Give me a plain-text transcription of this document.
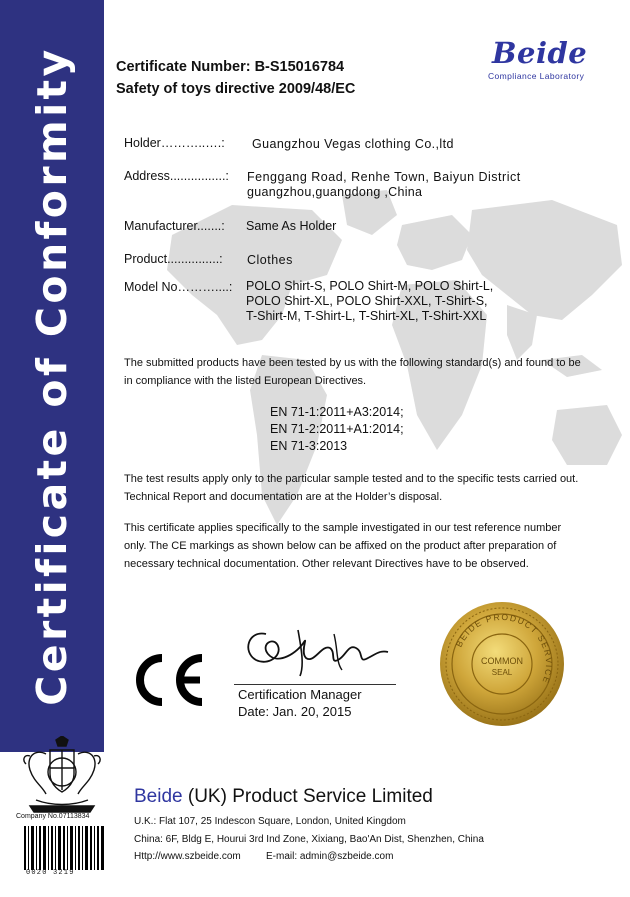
Certificate of Conformity	Certificate Number: B-S15016784
Safety of toys directive 2009/48/EC
Beide
Compliance Laboratory
Holder………..….: Guangzhou Vegas clothing Co.,ltd
Address................: Fenggang Road, Renhe Town, Baiyun District
guangzhou,guangdong ,China
Manufacturer.......: Same As Holder
Product...............: Clothes
Model No………....: POLO Shirt-S, POLO Shirt-M, POLO Shirt-L,
POLO Shirt-XL, POLO Shirt-XXL, T-Shirt-S,
T-Shirt-M, T-Shirt-L, T-Shirt-XL, T-Shirt-XXL
The submitted products have been tested by us with the following standard(s) and found to be
in compliance with the listed European Directives.
EN 71-1:2011+A3:2014;
EN 71-2:2011+A1:2014;
EN 71-3:2013
The test results apply only to the particular sample tested and to the specific tests carried out.
Technical Report and documentation are at the Holder’s disposal.
This certificate applies specifically to the sample investigated in our test reference number
only. The CE markings as shown below can be affixed on the product after preparation of
necessary technical documentation. Other relevant Directives have to be observed.
Certification Manager
Date: Jan. 20, 2015
BEIDE PRODUCT SERVICE
COMMON
SEAL
Company No.07113834
0020 3219
Beide (UK) Product Service Limited
U.K.: Flat 107, 25 Indescon Square, London, United Kingdom
China: 6F, Bldg E, Hourui 3rd Ind Zone, Xixiang, Bao'An Dist, Shenzhen, China
Http://www.szbeide.com	E-mail: admin@szbeide.com
